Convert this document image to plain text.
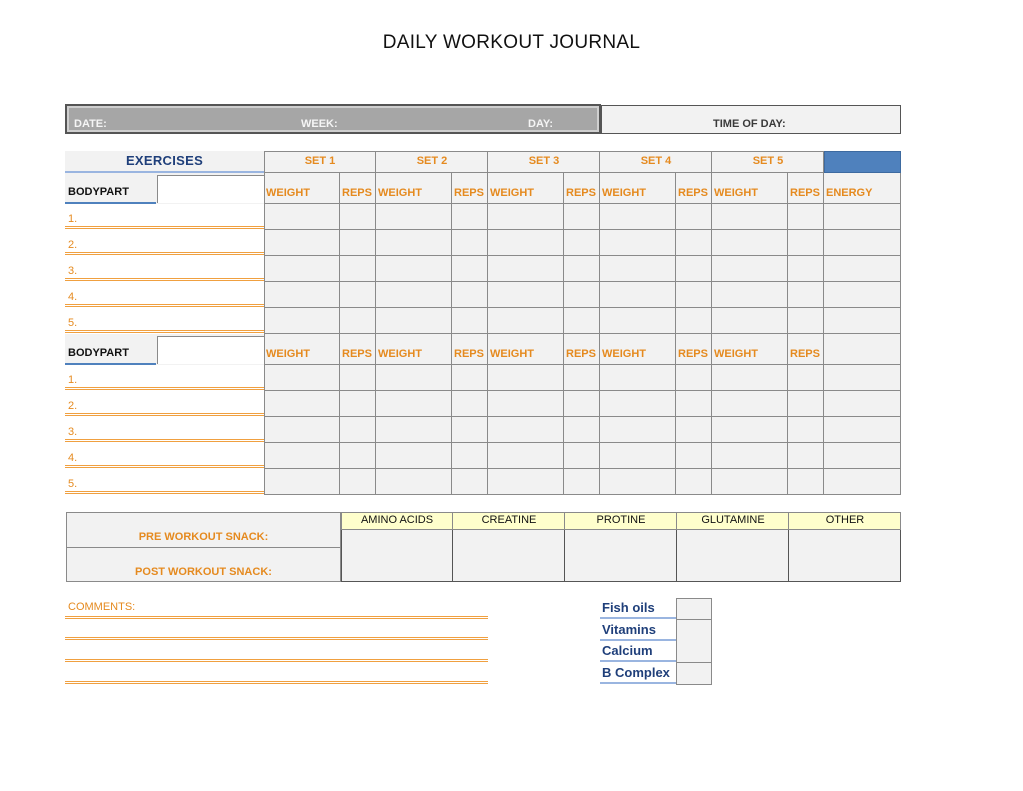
DAILY WORKOUT JOURNAL
DATE:	WEEK:	DAY:	TIME OF DAY:
COMMENTS:
EXERCISES	SET 1	SET 2	SET 3	SET 4	SET 5
BODYPART	WEIGHT	REPS WEIGHT	REPS WEIGHT	REPS WEIGHT	REPS WEIGHT	REPS ENERGY
1.
2.
3.
4.
5.
BODYPART	WEIGHT	REPS WEIGHT	REPS WEIGHT	REPS WEIGHT	REPS WEIGHT	REPS
1.
2.
3.
4.
5.
PRE WORKOUT SNACK:
POST WORKOUT SNACK:
AMINO ACIDS	CREATINE	PROTINE	GLUTAMINE	OTHER
Fish oils
Vitamins
Calcium
B Complex
